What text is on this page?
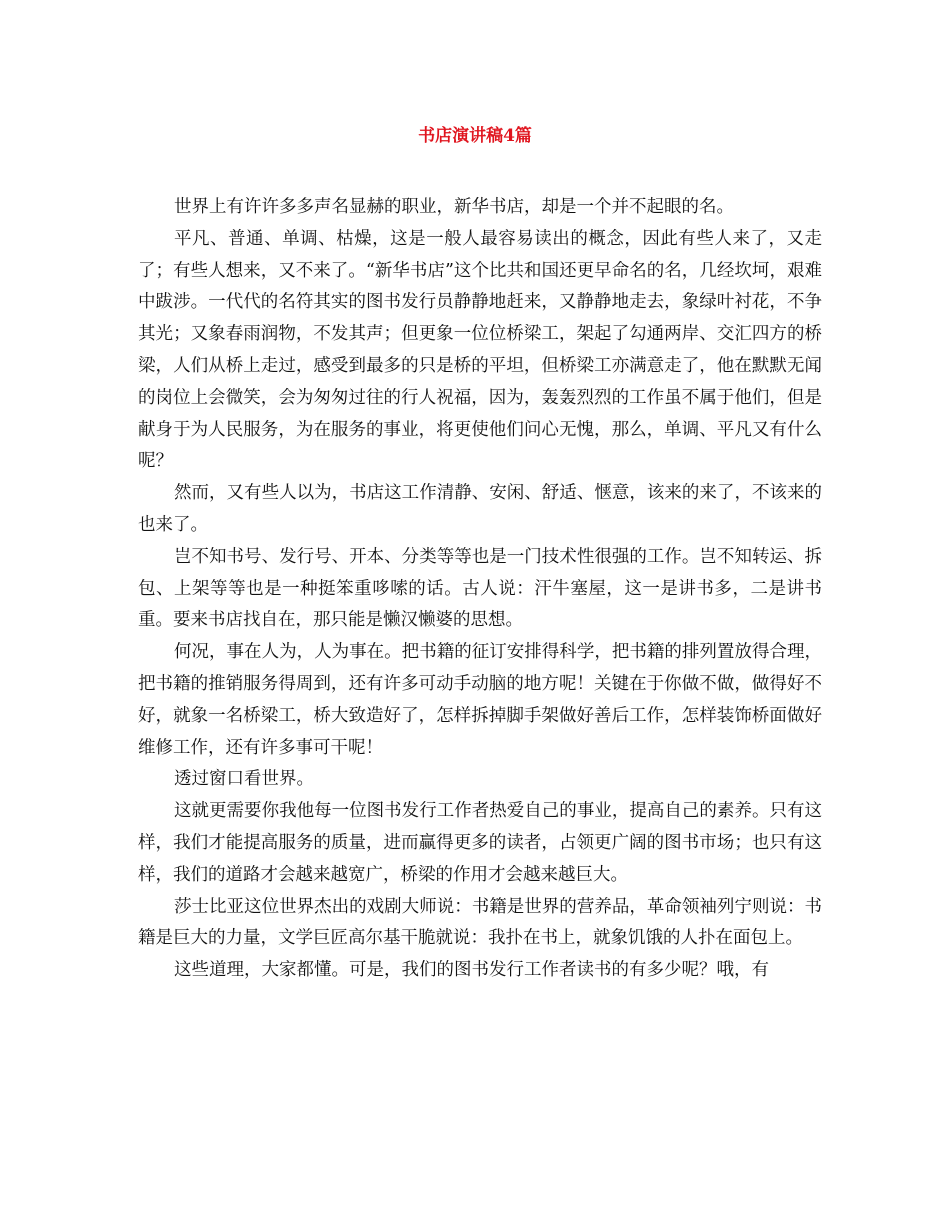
书店演讲稿4篇

世界上有许许多多声名显赫的职业，新华书店，却是一个并不起眼的名。

平凡、普通、单调、枯燥，这是一般人最容易读出的概念，因此有些人来了，又走了；有些人想来，又不来了。“新华书店”这个比共和国还更早命名的名，几经坎坷，艰难中跋涉。一代代的名符其实的图书发行员静静地赶来，又静静地走去，象绿叶衬花，不争其光；又象春雨润物，不发其声；但更象一位位桥梁工，架起了勾通两岸、交汇四方的桥梁，人们从桥上走过，感受到最多的只是桥的平坦，但桥梁工亦满意走了，他在默默无闻的岗位上会微笑，会为匆匆过往的行人祝福，因为，轰轰烈烈的工作虽不属于他们，但是献身于为人民服务，为在服务的事业，将更使他们问心无愧，那么，单调、平凡又有什么呢？

然而，又有些人以为，书店这工作清静、安闲、舒适、惬意，该来的来了，不该来的也来了。

岂不知书号、发行号、开本、分类等等也是一门技术性很强的工作。岂不知转运、拆包、上架等等也是一种挺笨重哆嗦的话。古人说：汗牛塞屋，这一是讲书多，二是讲书重。要来书店找自在，那只能是懒汉懒婆的思想。

何况，事在人为，人为事在。把书籍的征订安排得科学，把书籍的排列置放得合理，把书籍的推销服务得周到，还有许多可动手动脑的地方呢！关键在于你做不做，做得好不好，就象一名桥梁工，桥大致造好了，怎样拆掉脚手架做好善后工作，怎样装饰桥面做好维修工作，还有许多事可干呢！

透过窗口看世界。

这就更需要你我他每一位图书发行工作者热爱自己的事业，提高自己的素养。只有这样，我们才能提高服务的质量，进而赢得更多的读者，占领更广阔的图书市场；也只有这样，我们的道路才会越来越宽广，桥梁的作用才会越来越巨大。

莎士比亚这位世界杰出的戏剧大师说：书籍是世界的营养品，革命领袖列宁则说：书籍是巨大的力量，文学巨匠高尔基干脆就说：我扑在书上，就象饥饿的人扑在面包上。

这些道理，大家都懂。可是，我们的图书发行工作者读书的有多少呢？哦，有
